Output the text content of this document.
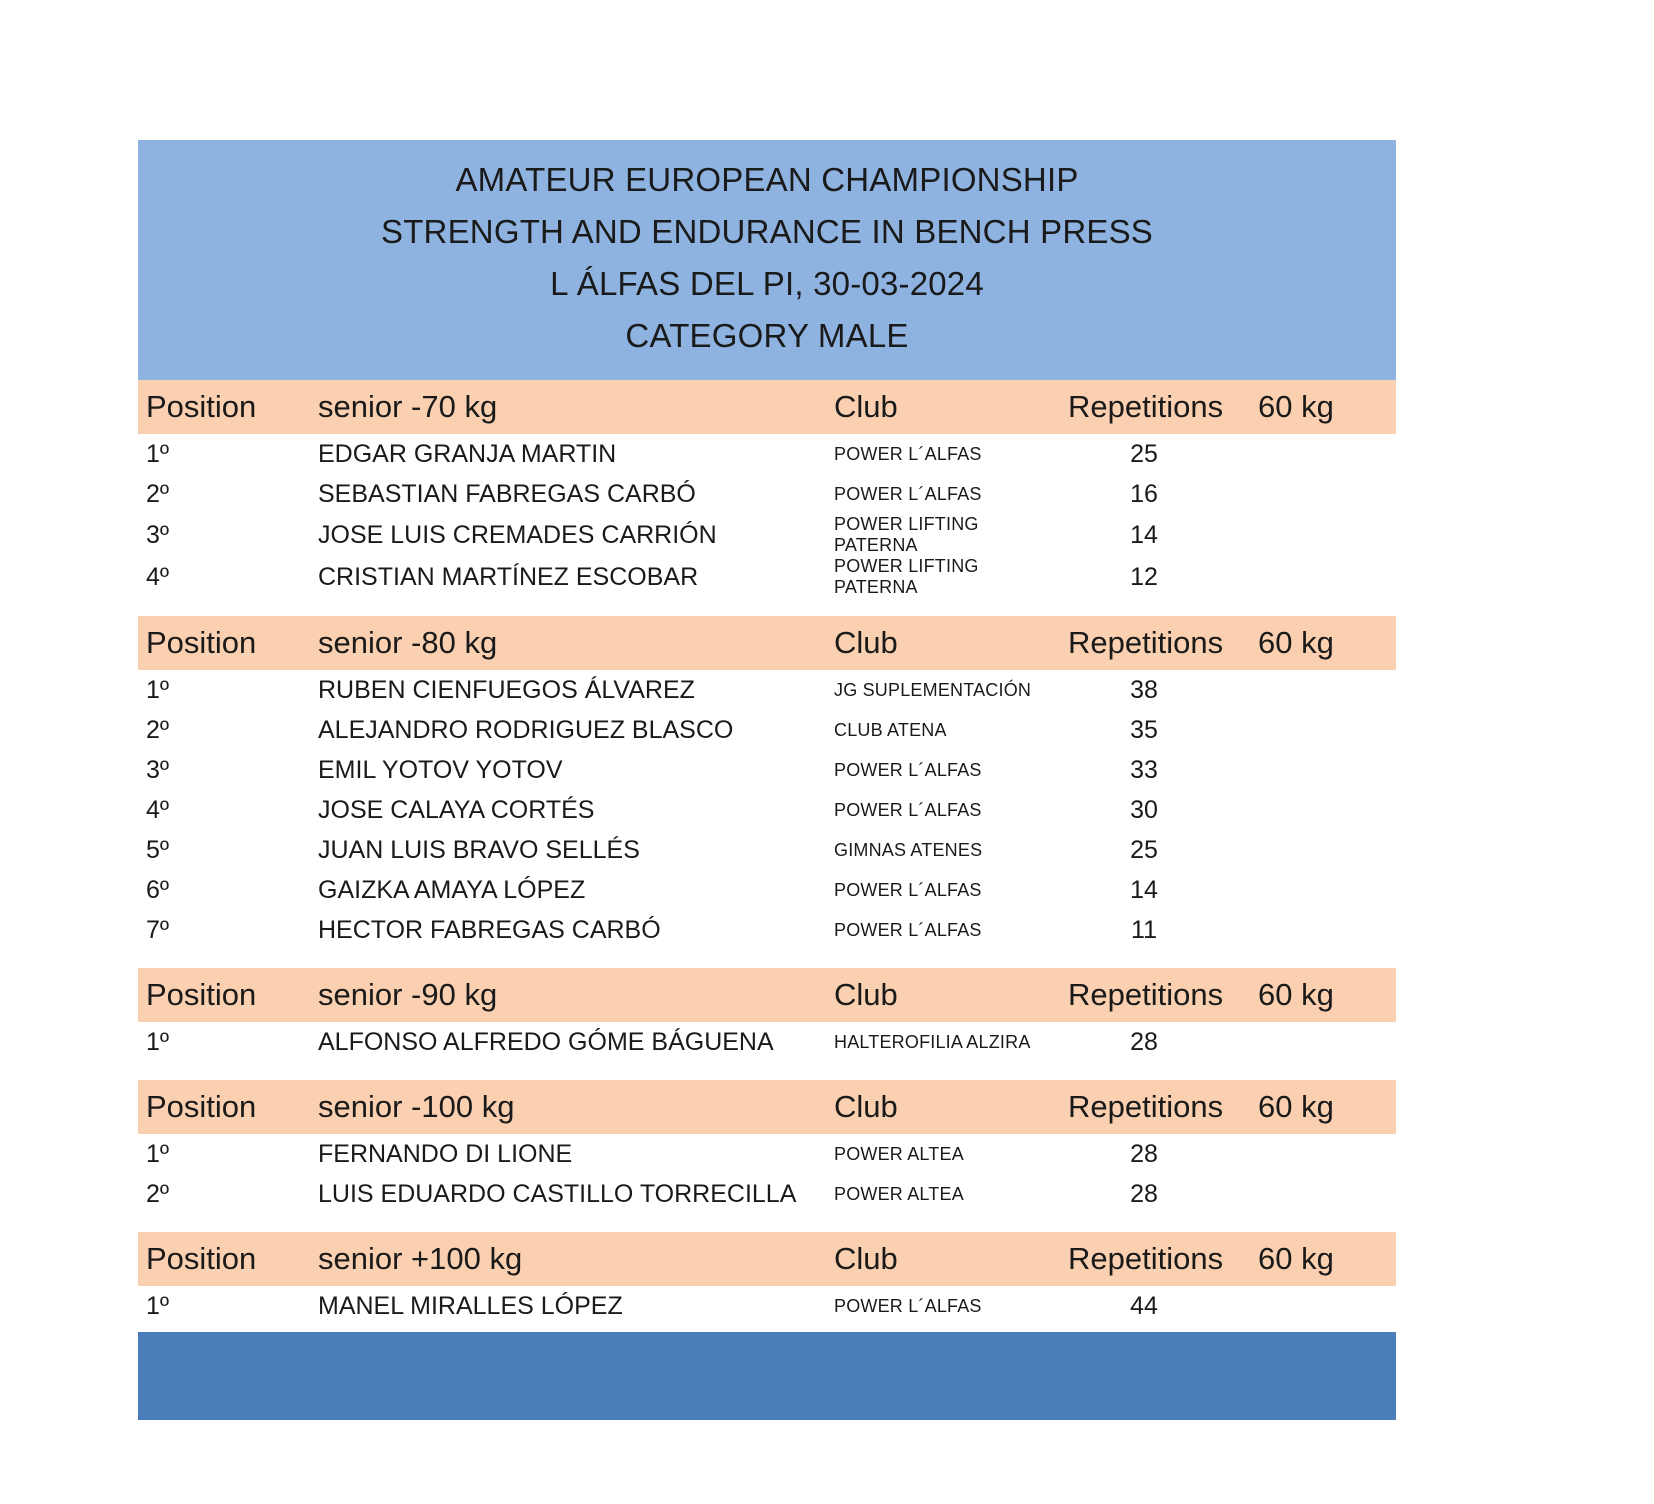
AMATEUR EUROPEAN CHAMPIONSHIP
STRENGTH AND ENDURANCE IN BENCH PRESS
L ÁLFAS DEL PI, 30-03-2024
CATEGORY MALE
Position	senior -70 kg	Club	Repetitions	60 kg
1º	EDGAR GRANJA MARTIN	POWER L´ALFAS	25	
2º	SEBASTIAN FABREGAS CARBÓ	POWER L´ALFAS	16	
3º	JOSE LUIS CREMADES CARRIÓN	POWER LIFTING PATERNA	14	
4º	CRISTIAN MARTÍNEZ ESCOBAR	POWER LIFTING PATERNA	12	

Position	senior -80 kg	Club	Repetitions	60 kg
1º	RUBEN CIENFUEGOS ÁLVAREZ	JG SUPLEMENTACIÓN	38	
2º	ALEJANDRO RODRIGUEZ BLASCO	CLUB ATENA	35	
3º	EMIL YOTOV YOTOV	POWER L´ALFAS	33	
4º	JOSE CALAYA CORTÉS	POWER L´ALFAS	30	
5º	JUAN LUIS BRAVO SELLÉS	GIMNAS ATENES	25	
6º	GAIZKA AMAYA LÓPEZ	POWER L´ALFAS	14	
7º	HECTOR FABREGAS CARBÓ	POWER L´ALFAS	11	

Position	senior -90 kg	Club	Repetitions	60 kg
1º	ALFONSO ALFREDO GÓME BÁGUENA	HALTEROFILIA ALZIRA	28	

Position	senior -100 kg	Club	Repetitions	60 kg
1º	FERNANDO DI LIONE	POWER ALTEA	28	
2º	LUIS EDUARDO CASTILLO TORRECILLA	POWER ALTEA	28	

Position	senior +100 kg	Club	Repetitions	60 kg
1º	MANEL MIRALLES LÓPEZ	POWER L´ALFAS	44	
